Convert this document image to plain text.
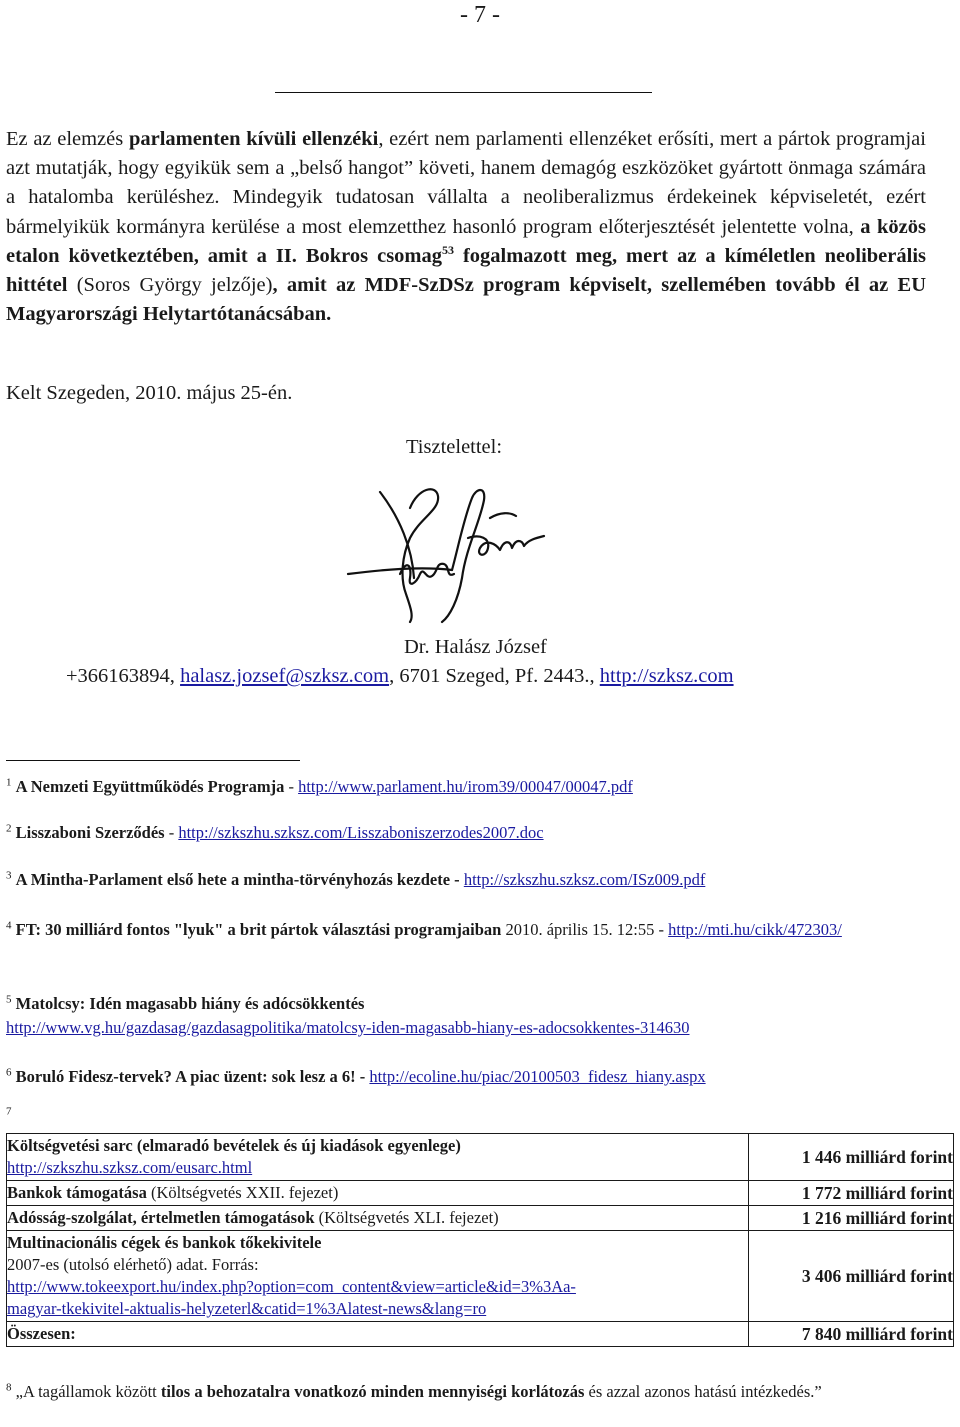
- 7 -

Ez az elemzés parlamenten kívüli ellenzéki, ezért nem parlamenti ellenzéket erősíti, mert a pártok programjai azt mutatják, hogy egyikük sem a „belső hangot” követi, hanem demagóg eszközöket gyártott önmaga számára a hatalomba kerüléshez. Mindegyik tudatosan vállalta a neoliberalizmus érdekeinek képviseletét, ezért bármelyikük kormányra kerülése a most elemzetthez hasonló program előterjesztését jelentette volna, a közös etalon következtében, amit a II. Bokros csomag$^{53}$ fogalmazott meg, mert az a kíméletlen neoliberális hittétel (Soros György jelzője), amit az MDF-SzDSz program képviselt, szellemében tovább él az EU Magyarországi Helytartótanácsában.

Kelt Szegeden, 2010. május 25-én.

Tisztelettel:

Dr. Halász József

+366163894, halasz.jozsef@szksz.com, 6701 Szeged, Pf. 2443., http://szksz.com

$^1$ A Nemzeti Együttműködés Programja - http://www.parlament.hu/irom39/00047/00047.pdf

$^2$ Lisszaboni Szerződés - http://szkszhu.szksz.com/Lisszaboniszerzodes2007.doc

$^3$ A Mintha-Parlament első hete a mintha-törvényhozás kezdete - http://szkszhu.szksz.com/ISz009.pdf

$^4$ FT: 30 milliárd fontos "lyuk" a brit pártok választási programjaiban 2010. április 15. 12:55 - http://mti.hu/cikk/472303/

$^5$ Matolcsy: Idén magasabb hiány és adócsökkentés
http://www.vg.hu/gazdasag/gazdasagpolitika/matolcsy-iden-magasabb-hiany-es-adocsokkentes-314630

$^6$ Boruló Fidesz-tervek? A piac üzent: sok lesz a 6! - http://ecoline.hu/piac/20100503_fidesz_hiany.aspx

$^7$

Költségvetési sarc (elmaradó bevételek és új kiadások egyenlege)
http://szkszhu.szksz.com/eusarc.html	1 446 milliárd forint
Bankok támogatása (Költségvetés XXII. fejezet)	1 772 milliárd forint
Adósság-szolgálat, értelmetlen támogatások (Költségvetés XLI. fejezet)	1 216 milliárd forint
Multinacionális cégek és bankok tőkekivitele
2007-es (utolsó elérhető) adat. Forrás:
http://www.tokeexport.hu/index.php?option=com_content&view=article&id=3%3Aa-
magyar-tkekivitel-aktualis-helyzeterl&catid=1%3Alatest-news&lang=ro	3 406 milliárd forint
Összesen:	7 840 milliárd forint

$^8$ „A tagállamok között tilos a behozatalra vonatkozó minden mennyiségi korlátozás és azzal azonos hatású intézkedés.”
